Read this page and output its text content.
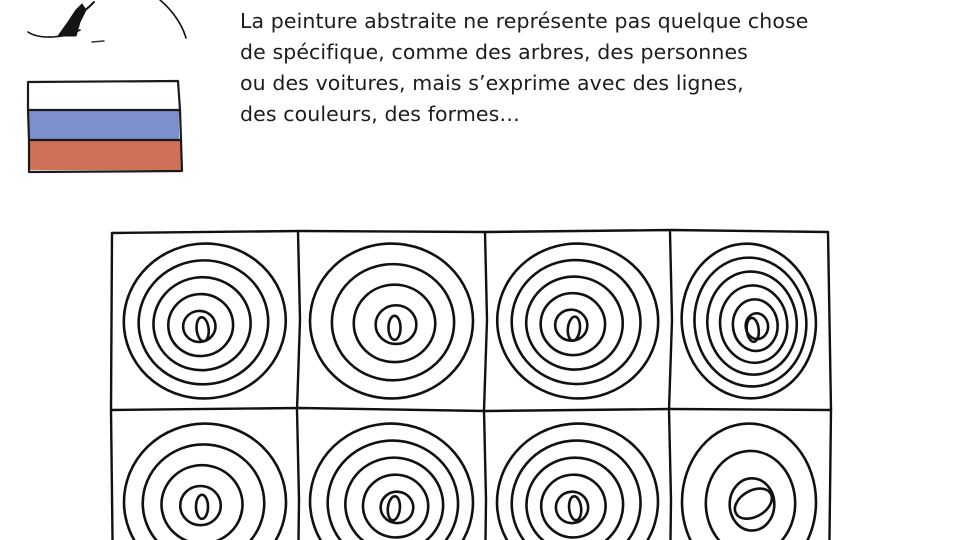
La peinture abstraite ne représente pas quelque chose
de spécifique, comme des arbres, des personnes
ou des voitures, mais s’exprime avec des lignes,
des couleurs, des formes…
